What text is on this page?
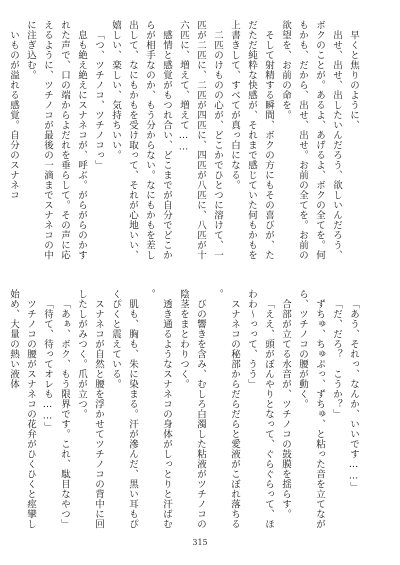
早くと焦りのように、

出せ、出せ、出したいんだろう、欲しいんだろう、ボクのことが。あるよ、あげるよ、ボクの全てを。何もかも、だから、出せ、出せ。お前の全てを。お前の欲望を、お前の命を。

そして射精する瞬間、ボクの方にもその喜びが、ただただ純粋な快感が、それまで感じていた何もかもを上書きして、すべてが真っ白になる。

二匹のけものの心が、どこかでひとつに溶けて、一匹が二匹に、二匹が四匹に、四匹が八匹に、八匹が十六匹に、増えて、増えて……

感情と感覚がもつれ合い、どこまでが自分でどこからが相手なのか、もう分からない。なにもかもを差し出して、なにもかもを受け取って、それが心地いい、嬉しい、楽しい、気持ちいい。

「つ、ツチノコ、ツチノコっ」

息も絶え絶えにスナネコが、呼ぶ。がらがらのかすれた声で、口の端からよだれを垂らして。その声に応えるように、ツチノコが最後の一滴までスナネコの中に注ぎ込む。

いものが溢れる感覚。自分のスナネコ

「あう、それっ、なんか、いいです……」

「だ、だろ？　こうか？」

ずちゅ、ちゅぷっ、ずちゅ、と粘った音を立てながら、ツチノコの腰が動く。

合部が立てる水音が、ツチノコの鼓膜を揺らす。

「ええ、頭がぼんやりとなって、ぐらぐらって、ほわわ～っって、うう」

スナネコの秘部からだらだらと愛液がこぼれ落ちる。

びの響きを含み、むしろ白濁した粘液がツチノコの陰茎をまとわりつく。

透き通るようなスナネコの身体がしっとりと汗ばむ。

肌も、胸も、朱に染まる。汗が滲んだ、黒い耳もぴくぴくと震えている。

スナネコが自然と腰を浮かせてツチノコの背中に回したしがみつく。爪が立つ。

「あぁ、ボク、もう限界です。これ、駄目なやつ」

「待て、待ってオレも……」

ツチノコの腰がスナネコの花弁がひくひくと痙攣し始め、大量の熱い液体

315
